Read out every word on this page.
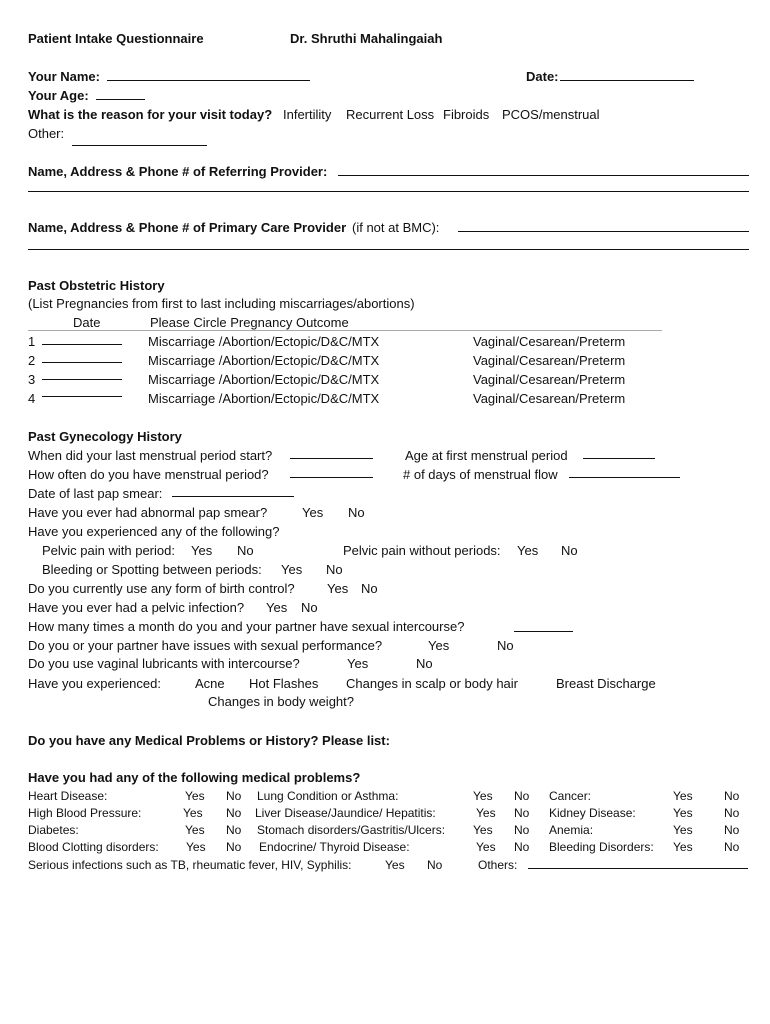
Patient Intake Questionnaire	Dr. Shruthi Mahalingaiah
Your Name:	Date:
Your Age:
What is the reason for your visit today? Infertility Recurrent Loss Fibroids PCOS/menstrual
Other:
Name, Address & Phone # of Referring Provider:
Name, Address & Phone # of Primary Care Provider (if not at BMC):
Past Obstetric History
(List Pregnancies from first to last including miscarriages/abortions)
Date	Please Circle Pregnancy Outcome
1	Miscarriage /Abortion/Ectopic/D&C/MTX	Vaginal/Cesarean/Preterm
2	Miscarriage /Abortion/Ectopic/D&C/MTX	Vaginal/Cesarean/Preterm
3	Miscarriage /Abortion/Ectopic/D&C/MTX	Vaginal/Cesarean/Preterm
4	Miscarriage /Abortion/Ectopic/D&C/MTX	Vaginal/Cesarean/Preterm
Past Gynecology History
When did your last menstrual period start?	Age at first menstrual period
How often do you have menstrual period?	# of days of menstrual flow
Date of last pap smear:
Have you ever had abnormal pap smear?	Yes No
Have you experienced any of the following?
Pelvic pain with period: Yes No	Pelvic pain without periods: Yes No
Bleeding or Spotting between periods: Yes No
Do you currently use any form of birth control? Yes No
Have you ever had a pelvic infection? Yes No
How many times a month do you and your partner have sexual intercourse?
Do you or your partner have issues with sexual performance?	Yes	No
Do you use vaginal lubricants with intercourse?	Yes	No
Have you experienced:	Acne Hot Flashes Changes in scalp or body hair	Breast Discharge
Changes in body weight?
Do you have any Medical Problems or History? Please list:
Have you had any of the following medical problems?
Heart Disease:	Yes No Lung Condition or Asthma:	Yes No Cancer:	Yes	No
High Blood Pressure:	Yes No Liver Disease/Jaundice/ Hepatitis:	Yes No Kidney Disease:	Yes	No
Diabetes:	Yes No Stomach disorders/Gastritis/Ulcers: Yes No Anemia:	Yes	No
Blood Clotting disorders: Yes No Endocrine/ Thyroid Disease:	Yes No Bleeding Disorders: Yes	No
Serious infections such as TB, rheumatic fever, HIV, Syphilis:	Yes No	Others:
